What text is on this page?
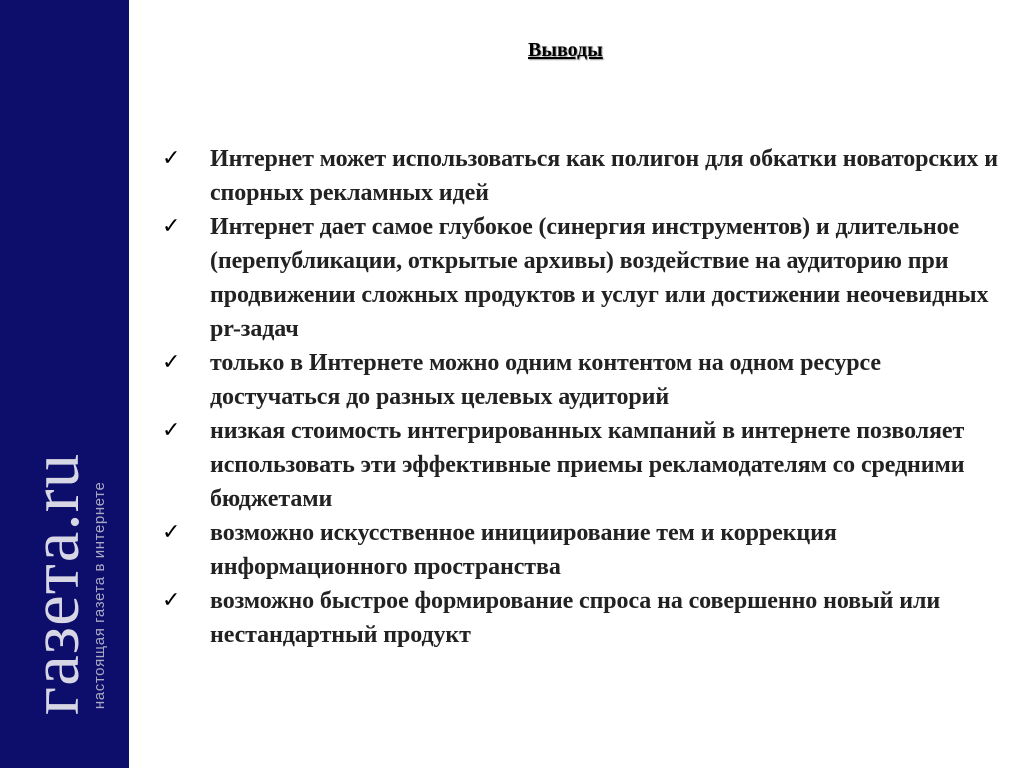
газета.ru
настоящая газета в интернете
Выводы
✓ Интернет может использоваться как полигон для обкатки новаторских и спорных рекламных идей
✓ Интернет дает самое глубокое (синергия инструментов) и длительное (перепубликации, открытые архивы) воздействие на аудиторию при продвижении сложных продуктов и услуг или достижении неочевидных pr-задач
✓ только в Интернете можно одним контентом на одном ресурсе достучаться до разных целевых аудиторий
✓ низкая стоимость интегрированных кампаний в интернете позволяет использовать эти эффективные приемы рекламодателям со средними бюджетами
✓ возможно искусственное инициирование тем и коррекция информационного пространства
✓ возможно быстрое формирование спроса на совершенно новый или нестандартный продукт
